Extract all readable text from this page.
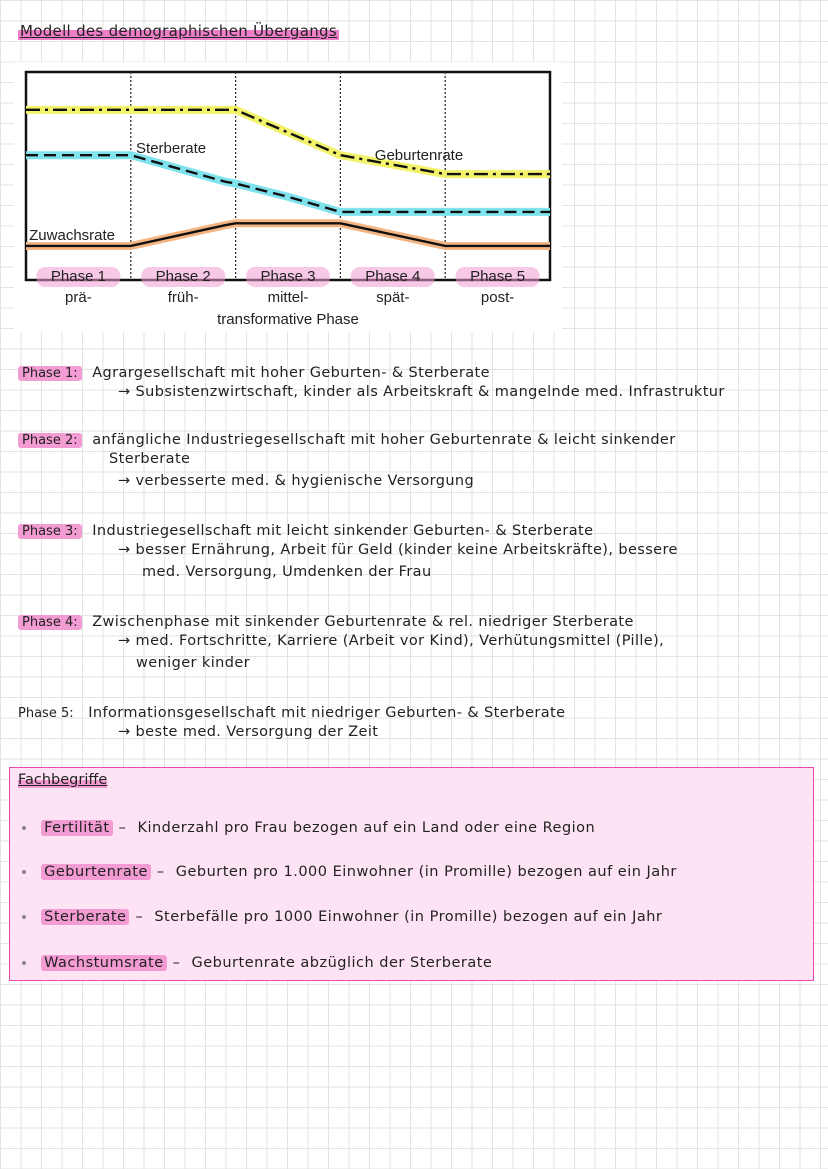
Modell des demographischen Übergangs
Geburtenrate
Sterberate
Zuwachsrate
Phase 1
prä-
Phase 2
früh-
Phase 3
mittel-
Phase 4
spät-
Phase 5
post-
transformative Phase
Phase 1: Agrargesellschaft mit hoher Geburten- & Sterberate
→ Subsistenzwirtschaft, kinder als Arbeitskraft & mangelnde med. Infrastruktur
Phase 2: anfängliche Industriegesellschaft mit hoher Geburtenrate & leicht sinkender
Sterberate
→ verbesserte med. & hygienische Versorgung
Phase 3: Industriegesellschaft mit leicht sinkender Geburten- & Sterberate
→ besser Ernährung, Arbeit für Geld (kinder keine Arbeitskräfte), bessere
med. Versorgung, Umdenken der Frau
Phase 4: Zwischenphase mit sinkender Geburtenrate & rel. niedriger Sterberate
→ med. Fortschritte, Karriere (Arbeit vor Kind), Verhütungsmittel (Pille),
weniger kinder
Phase 5: Informationsgesellschaft mit niedriger Geburten- & Sterberate
→ beste med. Versorgung der Zeit
Fachbegriffe
Fertilität – Kinderzahl pro Frau bezogen auf ein Land oder eine Region
Geburtenrate – Geburten pro 1.000 Einwohner (in Promille) bezogen auf ein Jahr
Sterberate – Sterbefälle pro 1000 Einwohner (in Promille) bezogen auf ein Jahr
Wachstumsrate – Geburtenrate abzüglich der Sterberate
